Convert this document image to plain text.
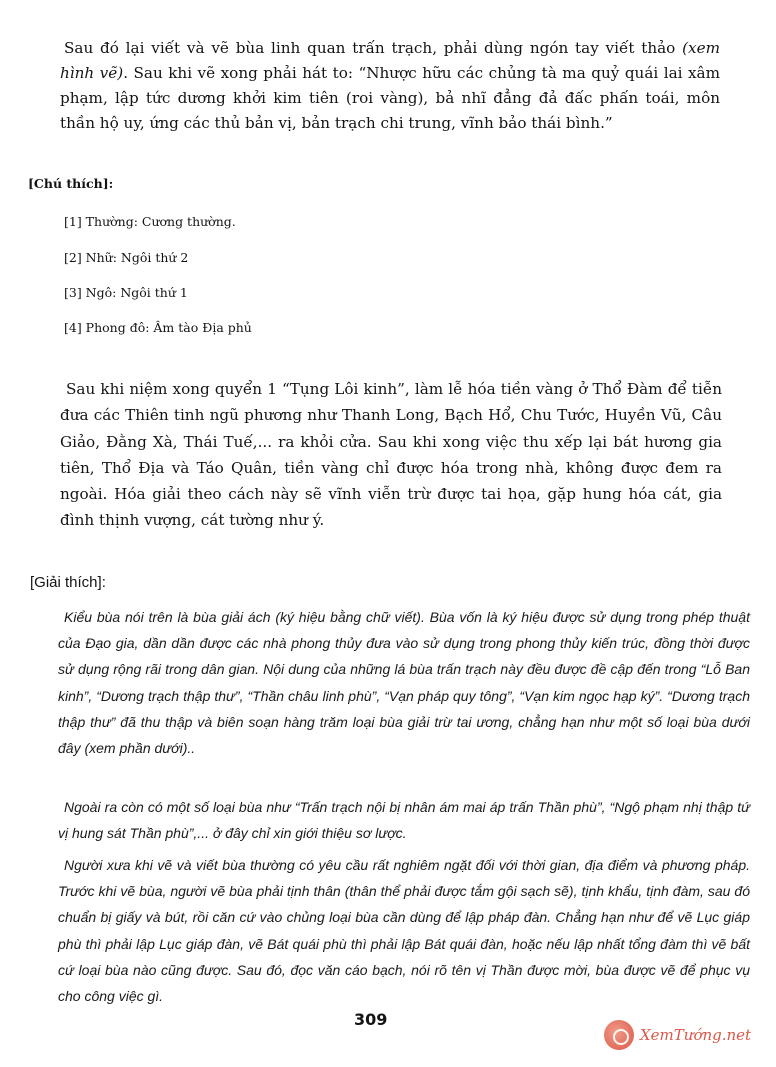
Sau đó lại viết và vẽ bùa linh quan trấn trạch, phải dùng ngón tay viết thảo (xem hình vẽ). Sau khi vẽ xong phải hát to: “Nhược hữu các chủng tà ma quỷ quái lai xâm phạm, lập tức dương khởi kim tiên (roi vàng), bả nhĩ đẳng đả đấc phấn toái, môn thần hộ uy, ứng các thủ bản vị, bản trạch chi trung, vĩnh bảo thái bình.”

[Chú thích]:
[1] Thường: Cương thường.
[2] Nhữ: Ngôi thứ 2
[3] Ngô: Ngôi thứ 1
[4] Phong đô: Âm tào Địa phủ

Sau khi niệm xong quyển 1 “Tụng Lôi kinh”, làm lễ hóa tiền vàng ở Thổ Đàm để tiễn đưa các Thiên tinh ngũ phương như Thanh Long, Bạch Hổ, Chu Tước, Huyền Vũ, Câu Giảo, Đằng Xà, Thái Tuế,... ra khỏi cửa. Sau khi xong việc thu xếp lại bát hương gia tiên, Thổ Địa và Táo Quân, tiền vàng chỉ được hóa trong nhà, không được đem ra ngoài. Hóa giải theo cách này sẽ vĩnh viễn trừ được tai họa, gặp hung hóa cát, gia đình thịnh vượng, cát tường như ý.

[Giải thích]:

Kiểu bùa nói trên là bùa giải ách (ký hiệu bằng chữ viết). Bùa vốn là ký hiệu được sử dụng trong phép thuật của Đạo gia, dần dần được các nhà phong thủy đưa vào sử dụng trong phong thủy kiến trúc, đồng thời được sử dụng rộng rãi trong dân gian. Nội dung của những lá bùa trấn trạch này đều được đề cập đến trong “Lỗ Ban kinh”, “Dương trạch thập thư”, “Thần châu linh phù”, “Vạn pháp quy tông”, “Vạn kim ngọc hạp ký”. “Dương trạch thập thư” đã thu thập và biên soạn hàng trăm loại bùa giải trừ tai ương, chẳng hạn như một số loại bùa dưới đây (xem phần dưới)..

Ngoài ra còn có một số loại bùa như “Trấn trạch nội bị nhân ám mai áp trấn Thần phù”, “Ngộ phạm nhị thập tứ vị hung sát Thần phù”,... ở đây chỉ xin giới thiệu sơ lược.

Người xưa khi vẽ và viết bùa thường có yêu cầu rất nghiêm ngặt đối với thời gian, địa điểm và phương pháp. Trước khi vẽ bùa, người vẽ bùa phải tịnh thân (thân thể phải được tắm gội sạch sẽ), tịnh khẩu, tịnh đàm, sau đó chuẩn bị giấy và bút, rồi căn cứ vào chủng loại bùa cần dùng để lập pháp đàn. Chẳng hạn như để vẽ Lục giáp phù thì phải lập Lục giáp đàn, vẽ Bát quái phù thì phải lập Bát quái đàn, hoặc nếu lập nhất tổng đàm thì vẽ bất cứ loại bùa nào cũng được. Sau đó, đọc văn cáo bạch, nói rõ tên vị Thần được mời, bùa được vẽ để phục vụ cho công việc gì.

309
XemTướng.net
